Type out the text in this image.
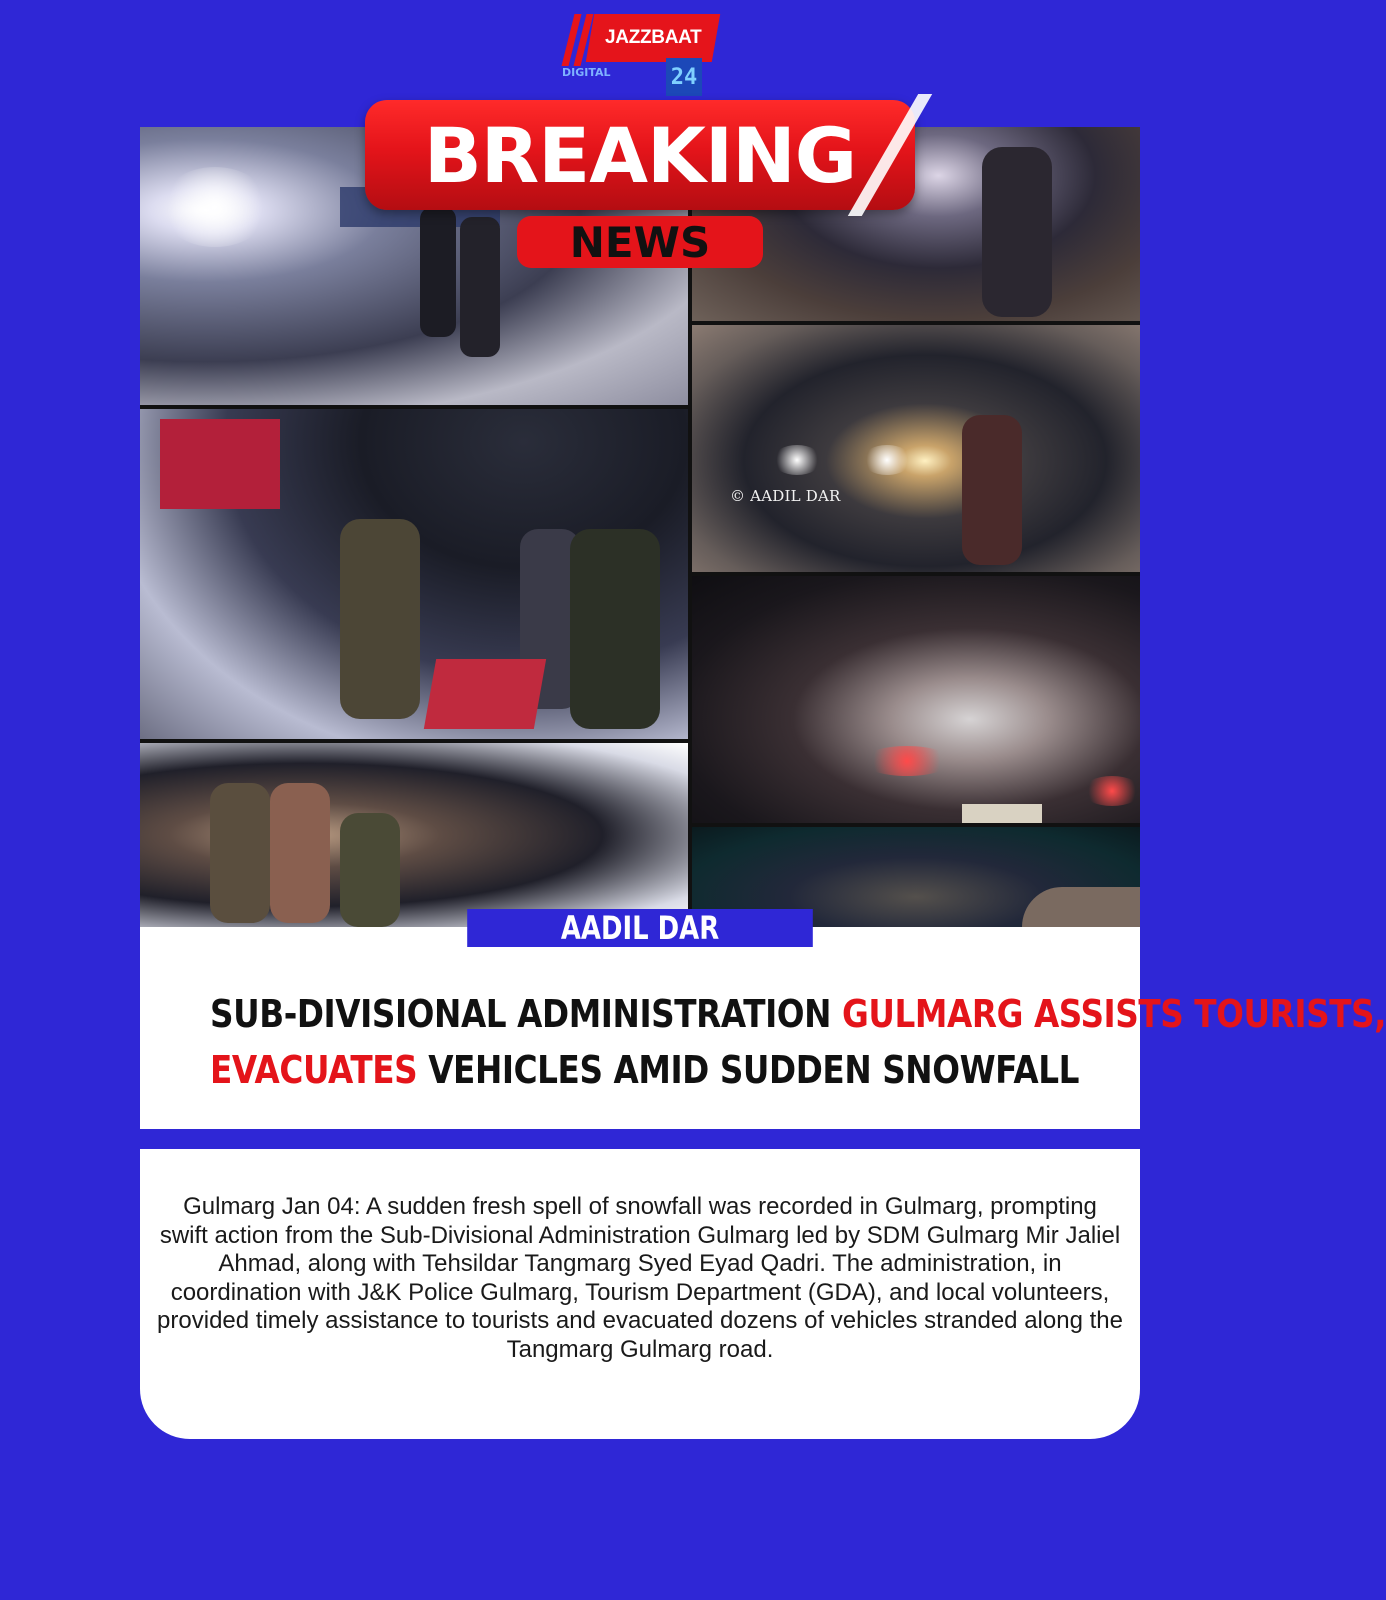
JAZZBAAT
DIGITAL	24
© AADIL DAR
BREAKING
NEWS
AADIL DAR
SUB-DIVISIONAL ADMINISTRATION GULMARG ASSISTS TOURISTS,
EVACUATES VEHICLES AMID SUDDEN SNOWFALL
Gulmarg Jan 04: A sudden fresh spell of snowfall was recorded in Gulmarg, prompting swift action from the Sub-Divisional Administration Gulmarg led by SDM Gulmarg Mir Jaliel Ahmad, along with Tehsildar Tangmarg Syed Eyad Qadri. The administration, in coordination with J&K Police Gulmarg, Tourism Department (GDA), and local volunteers, provided timely assistance to tourists and evacuated dozens of vehicles stranded along the Tangmarg Gulmarg road.
